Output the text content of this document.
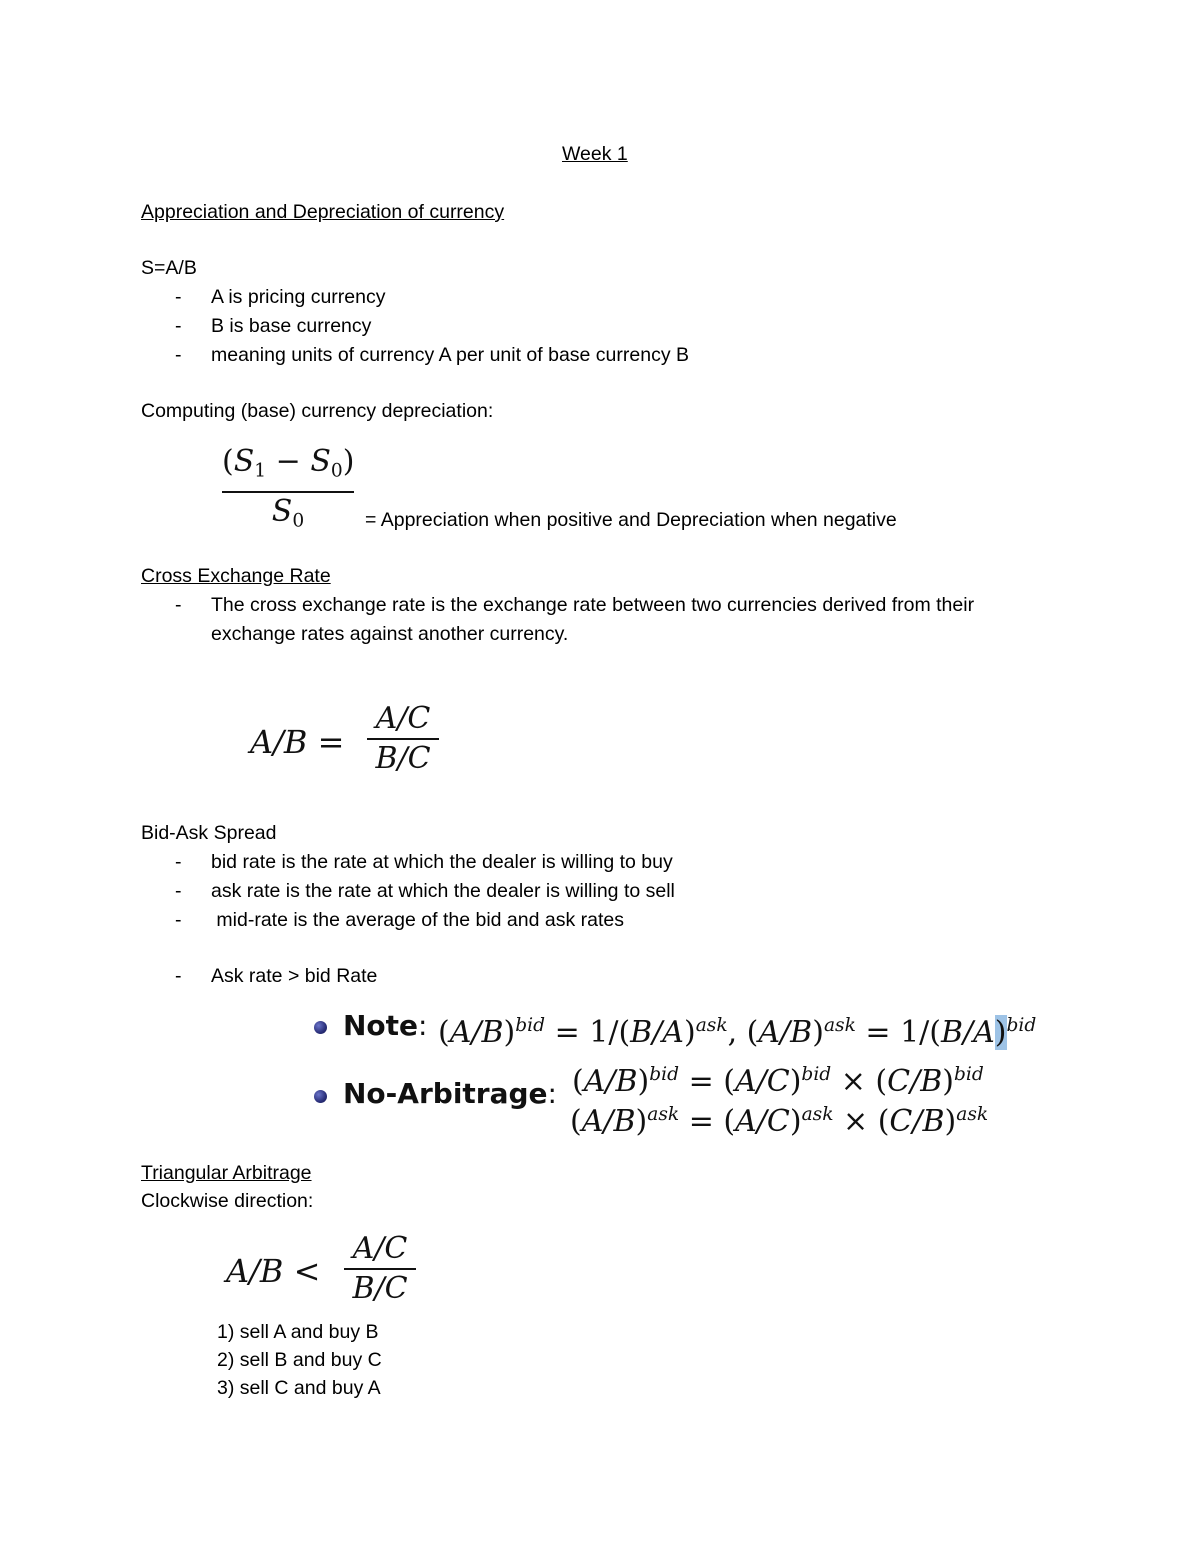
Week 1
Appreciation and Depreciation of currency
S=A/B
- A is pricing currency
- B is base currency
- meaning units of currency A per unit of base currency B
Computing (base) currency depreciation:
$(S_1 - S_0)$
$S_0$	= Appreciation when positive and Depreciation when negative
Cross Exchange Rate
- The cross exchange rate is the exchange rate between two currencies derived from their
exchange rates against another currency.
A/B =
A/C
B/C
Bid-Ask Spread
- bid rate is the rate at which the dealer is willing to buy
- ask rate is the rate at which the dealer is willing to sell
- mid-rate is the average of the bid and ask rates
- Ask rate > bid Rate
Note: $(A/B)^{bid} = 1/(B/A)^{ask}$, $(A/B)^{ask} = 1/(B/A)^{bid}$
No-Arbitrage: $(A/B)^{bid} = (A/C)^{bid} \times (C/B)^{bid}$
$(A/B)^{ask} = (A/C)^{ask} \times (C/B)^{ask}$
Triangular Arbitrage
Clockwise direction:
A/B <
A/C
B/C
1) sell A and buy B
2) sell B and buy C
3) sell C and buy A
